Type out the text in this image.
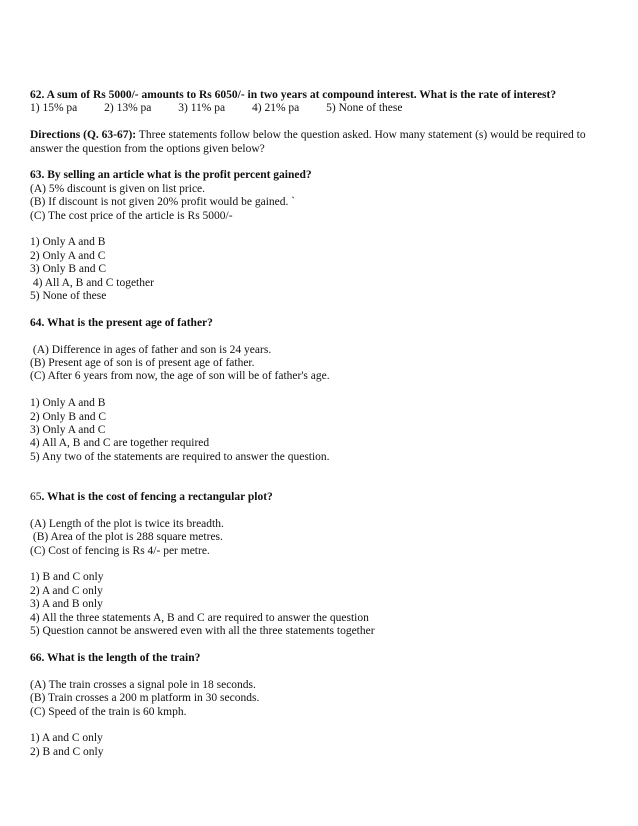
62. A sum of Rs 5000/- amounts to Rs 6050/- in two years at compound interest. What is the rate of interest?
1) 15% pa 2) 13% pa 3) 11% pa 4) 21% pa 5) None of these
Directions (Q. 63-67): Three statements follow below the question asked. How many statement (s) would be required to answer the question from the options given below?
63. By selling an article what is the profit percent gained?
(A) 5% discount is given on list price.
(B) If discount is not given 20% profit would be gained. `
(C) The cost price of the article is Rs 5000/-
1) Only A and B
2) Only A and C
3) Only B and C
4) All A, B and C together
5) None of these
64. What is the present age of father?
(A) Difference in ages of father and son is 24 years.
(B) Present age of son is of present age of father.
(C) After 6 years from now, the age of son will be of father's age.
1) Only A and B
2) Only B and C
3) Only A and C
4) All A, B and C are together required
5) Any two of the statements are required to answer the question.
65. What is the cost of fencing a rectangular plot?
(A) Length of the plot is twice its breadth.
(B) Area of the plot is 288 square metres.
(C) Cost of fencing is Rs 4/- per metre.
1) B and C only
2) A and C only
3) A and B only
4) All the three statements A, B and C are required to answer the question
5) Question cannot be answered even with all the three statements together
66. What is the length of the train?
(A) The train crosses a signal pole in 18 seconds.
(B) Train crosses a 200 m platform in 30 seconds.
(C) Speed of the train is 60 kmph.
1) A and C only
2) B and C only
